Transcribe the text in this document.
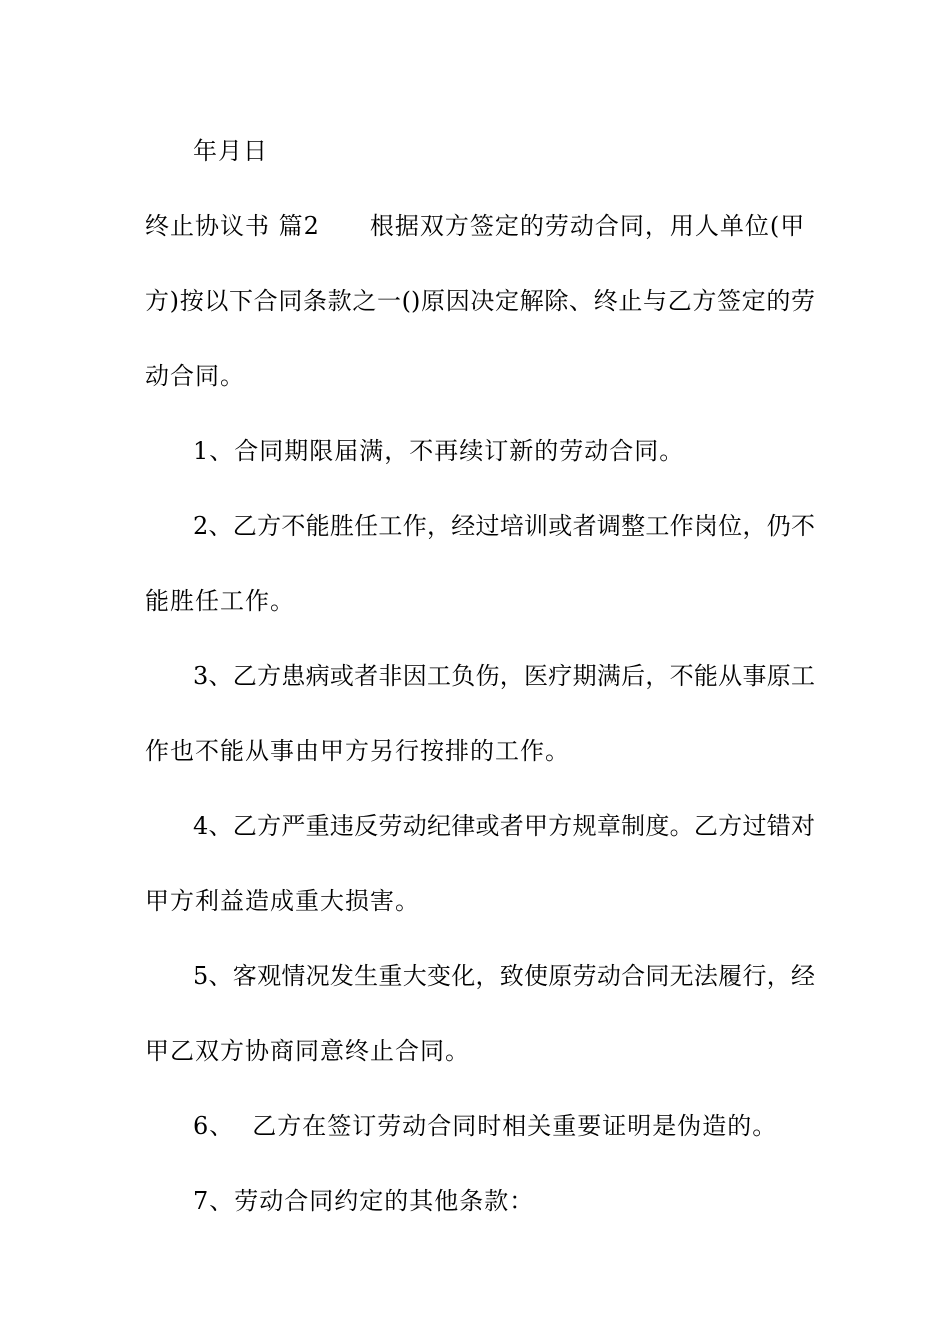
年月日
终止协议书 篇2 根据双方签定的劳动合同，用人单位(甲
方)按以下合同条款之一()原因决定解除、终止与乙方签定的劳
动合同。
1、合同期限届满，不再续订新的劳动合同。
2、乙方不能胜任工作，经过培训或者调整工作岗位，仍不
能胜任工作。
3、乙方患病或者非因工负伤，医疗期满后，不能从事原工
作也不能从事由甲方另行按排的工作。
4、乙方严重违反劳动纪律或者甲方规章制度。乙方过错对
甲方利益造成重大损害。
5、客观情况发生重大变化，致使原劳动合同无法履行，经
甲乙双方协商同意终止合同。
6、 乙方在签订劳动合同时相关重要证明是伪造的。
7、劳动合同约定的其他条款：
